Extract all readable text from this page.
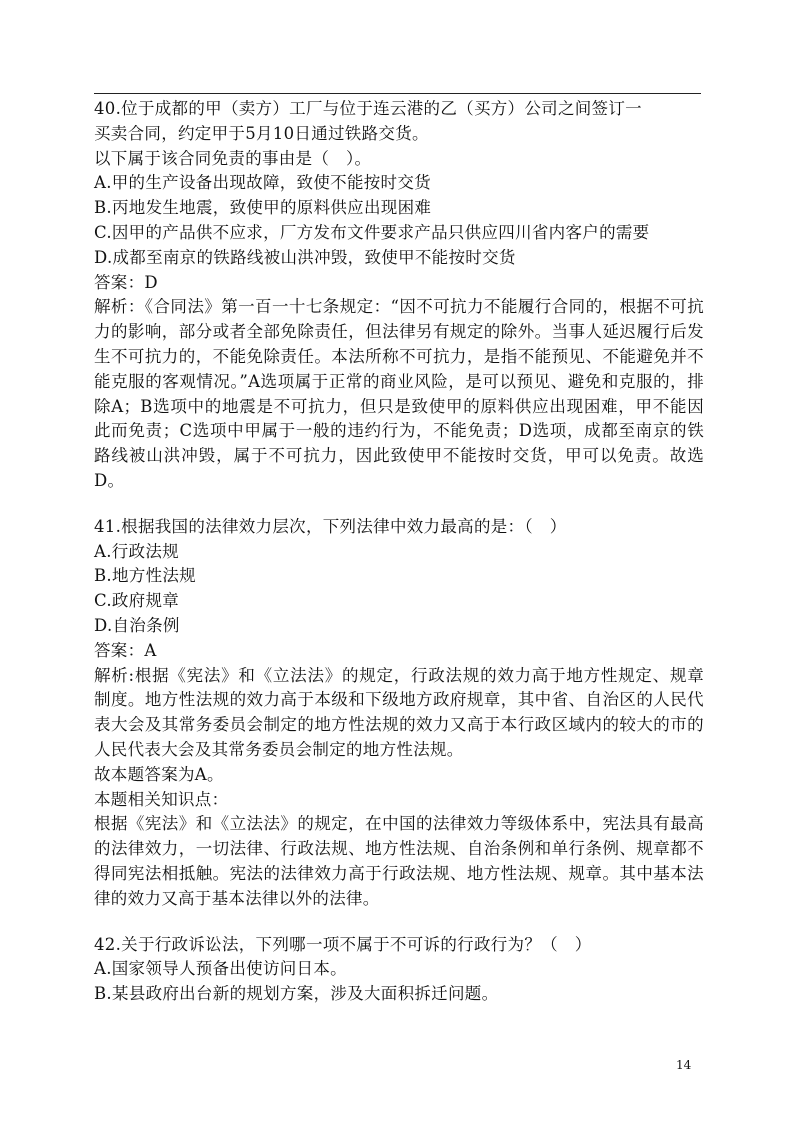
40.位于成都的甲（卖方）工厂与位于连云港的乙（买方）公司之间签订一
买卖合同，约定甲于5月10日通过铁路交货。
以下属于该合同免责的事由是（　）。
A.甲的生产设备出现故障，致使不能按时交货
B.丙地发生地震，致使甲的原料供应出现困难
C.因甲的产品供不应求，厂方发布文件要求产品只供应四川省内客户的需要
D.成都至南京的铁路线被山洪冲毁，致使甲不能按时交货
答案：D
解析：《合同法》第一百一十七条规定：“因不可抗力不能履行合同的，根据不可抗力的影响，部分或者全部免除责任，但法律另有规定的除外。当事人延迟履行后发生不可抗力的，不能免除责任。本法所称不可抗力，是指不能预见、不能避免并不能克服的客观情况。”A选项属于正常的商业风险，是可以预见、避免和克服的，排除A；B选项中的地震是不可抗力，但只是致使甲的原料供应出现困难，甲不能因此而免责；C选项中甲属于一般的违约行为，不能免责；D选项，成都至南京的铁路线被山洪冲毁，属于不可抗力，因此致使甲不能按时交货，甲可以免责。故选D。
41.根据我国的法律效力层次，下列法律中效力最高的是：（　）
A.行政法规
B.地方性法规
C.政府规章
D.自治条例
答案：A
解析:根据《宪法》和《立法法》的规定，行政法规的效力高于地方性规定、规章制度。地方性法规的效力高于本级和下级地方政府规章，其中省、自治区的人民代表大会及其常务委员会制定的地方性法规的效力又高于本行政区域内的较大的市的人民代表大会及其常务委员会制定的地方性法规。
故本题答案为A。
本题相关知识点：
根据《宪法》和《立法法》的规定，在中国的法律效力等级体系中，宪法具有最高的法律效力，一切法律、行政法规、地方性法规、自治条例和单行条例、规章都不得同宪法相抵触。宪法的法律效力高于行政法规、地方性法规、规章。其中基本法律的效力又高于基本法律以外的法律。
42.关于行政诉讼法，下列哪一项不属于不可诉的行政行为？（　）
A.国家领导人预备出使访问日本。
B.某县政府出台新的规划方案，涉及大面积拆迁问题。
14
